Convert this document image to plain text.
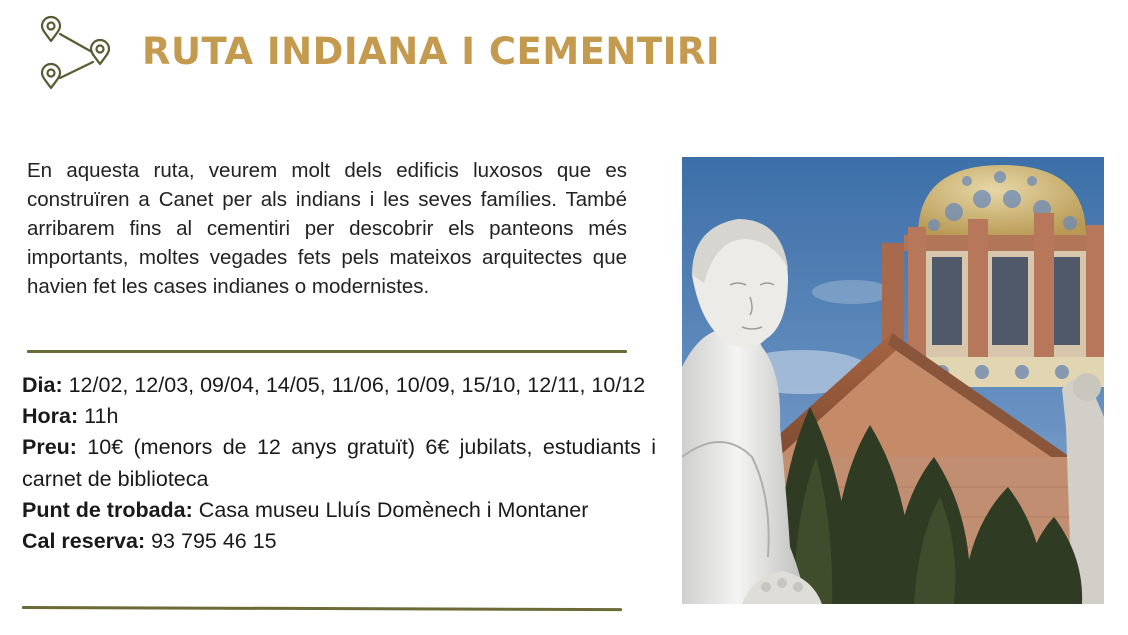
RUTA INDIANA I CEMENTIRI

En aquesta ruta, veurem molt dels edificis luxosos que es construïren a Canet per als indians i les seves famílies. També arribarem fins al cementiri per descobrir els panteons més importants, moltes vegades fets pels mateixos arquitectes que havien fet les cases indianes o modernistes.

Dia: 12/02, 12/03, 09/04, 14/05, 11/06, 10/09, 15/10, 12/11, 10/12

Hora: 11h

Preu: 10€ (menors de 12 anys gratuït) 6€ jubilats, estudiants i carnet de biblioteca

Punt de trobada: Casa museu Lluís Domènech i Montaner

Cal reserva: 93 795 46 15
